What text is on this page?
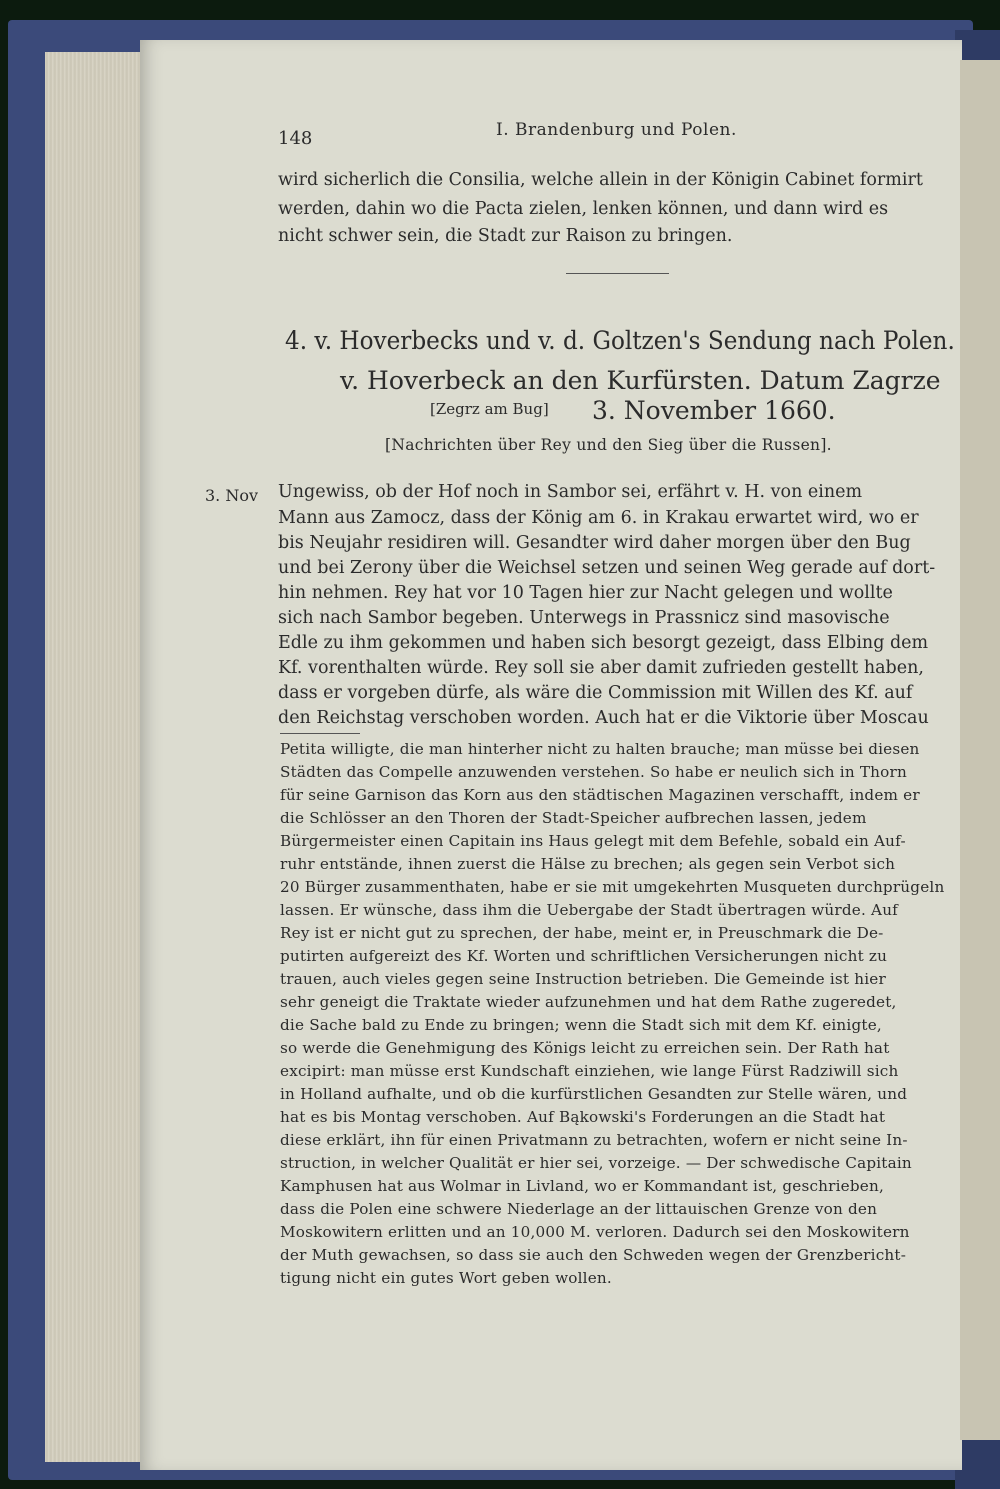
148	I. Brandenburg und Polen.
wird sicherlich die Consilia, welche allein in der Königin Cabinet formirt
werden, dahin wo die Pacta zielen, lenken können, und dann wird es
nicht schwer sein, die Stadt zur Raison zu bringen.
4. v. Hoverbecks und v. d. Goltzen's Sendung nach Polen.
v. Hoverbeck an den Kurfürsten. Datum Zagrze
[Zegrz am Bug] 3. November 1660.
[Nachrichten über Rey und den Sieg über die Russen].
3. Nov Ungewiss, ob der Hof noch in Sambor sei, erfährt v. H. von einem
Mann aus Zamocz, dass der König am 6. in Krakau erwartet wird, wo er
bis Neujahr residiren will. Gesandter wird daher morgen über den Bug
und bei Zerony über die Weichsel setzen und seinen Weg gerade auf dort-
hin nehmen. Rey hat vor 10 Tagen hier zur Nacht gelegen und wollte
sich nach Sambor begeben. Unterwegs in Prassnicz sind masovische
Edle zu ihm gekommen und haben sich besorgt gezeigt, dass Elbing dem
Kf. vorenthalten würde. Rey soll sie aber damit zufrieden gestellt haben,
dass er vorgeben dürfe, als wäre die Commission mit Willen des Kf. auf
den Reichstag verschoben worden. Auch hat er die Viktorie über Moscau
Petita willigte, die man hinterher nicht zu halten brauche; man müsse bei diesen
Städten das Compelle anzuwenden verstehen. So habe er neulich sich in Thorn
für seine Garnison das Korn aus den städtischen Magazinen verschafft, indem er
die Schlösser an den Thoren der Stadt-Speicher aufbrechen lassen, jedem
Bürgermeister einen Capitain ins Haus gelegt mit dem Befehle, sobald ein Auf-
ruhr entstände, ihnen zuerst die Hälse zu brechen; als gegen sein Verbot sich
20 Bürger zusammenthaten, habe er sie mit umgekehrten Musqueten durchprügeln
lassen. Er wünsche, dass ihm die Uebergabe der Stadt übertragen würde. Auf
Rey ist er nicht gut zu sprechen, der habe, meint er, in Preuschmark die De-
putirten aufgereizt des Kf. Worten und schriftlichen Versicherungen nicht zu
trauen, auch vieles gegen seine Instruction betrieben. Die Gemeinde ist hier
sehr geneigt die Traktate wieder aufzunehmen und hat dem Rathe zugeredet,
die Sache bald zu Ende zu bringen; wenn die Stadt sich mit dem Kf. einigte,
so werde die Genehmigung des Königs leicht zu erreichen sein. Der Rath hat
excipirt: man müsse erst Kundschaft einziehen, wie lange Fürst Radziwill sich
in Holland aufhalte, und ob die kurfürstlichen Gesandten zur Stelle wären, und
hat es bis Montag verschoben. Auf Bąkowski's Forderungen an die Stadt hat
diese erklärt, ihn für einen Privatmann zu betrachten, wofern er nicht seine In-
struction, in welcher Qualität er hier sei, vorzeige. — Der schwedische Capitain
Kamphusen hat aus Wolmar in Livland, wo er Kommandant ist, geschrieben,
dass die Polen eine schwere Niederlage an der littauischen Grenze von den
Moskowitern erlitten und an 10,000 M. verloren. Dadurch sei den Moskowitern
der Muth gewachsen, so dass sie auch den Schweden wegen der Grenzbericht-
tigung nicht ein gutes Wort geben wollen.
